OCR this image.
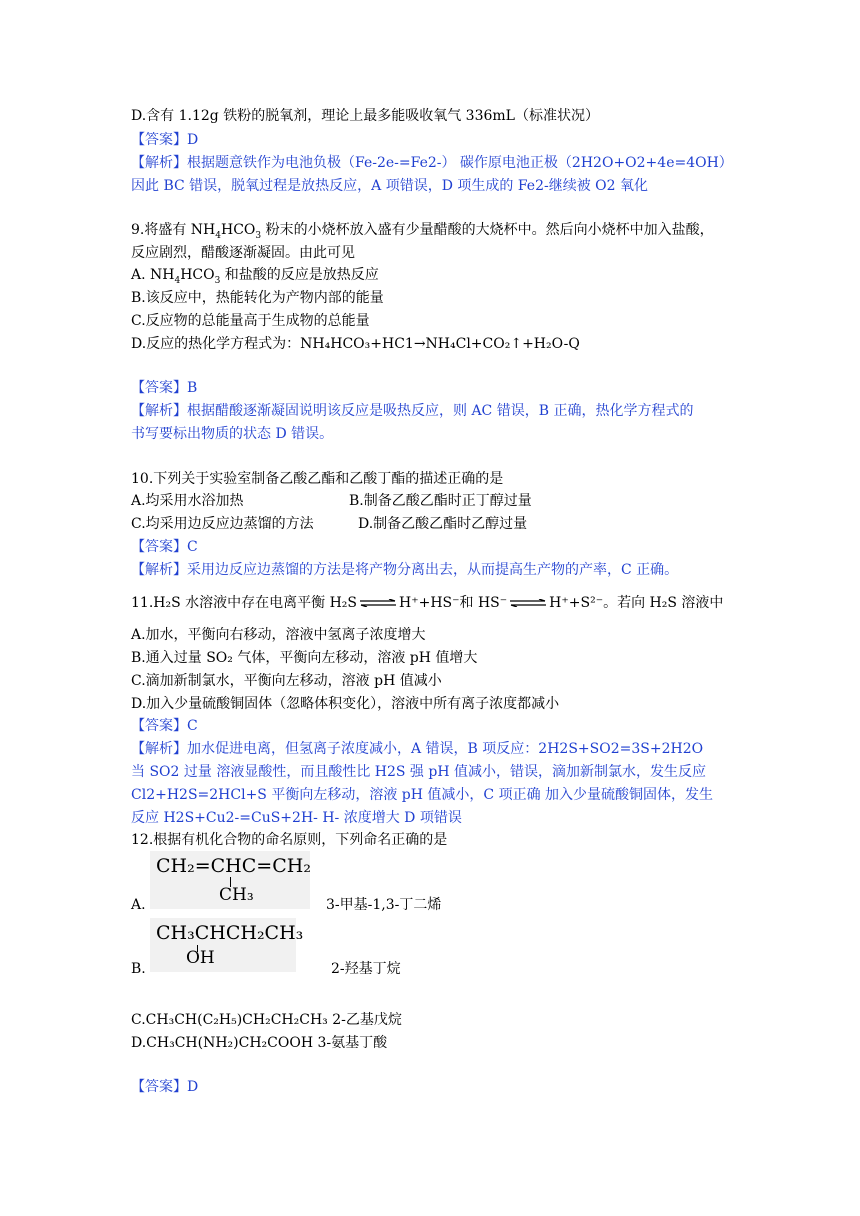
D.含有 1.12g 铁粉的脱氧剂，理论上最多能吸收氧气 336mL（标准状况）
【答案】D
【解析】根据题意铁作为电池负极（Fe-2e-=Fe2-） 碳作原电池正极（2H2O+O2+4e=4OH）
因此 BC 错误，脱氧过程是放热反应，A 项错误，D 项生成的 Fe2-继续被 O2 氧化
9.将盛有 $NH_4HCO_3$ 粉末的小烧杯放入盛有少量醋酸的大烧杯中。然后向小烧杯中加入盐酸，
反应剧烈，醋酸逐渐凝固。由此可见
A. $NH_4HCO_3$ 和盐酸的反应是放热反应
B.该反应中，热能转化为产物内部的能量
C.反应物的总能量高于生成物的总能量
D.反应的热化学方程式为：NH₄HCO₃+HC1→NH₄Cl+CO₂↑+H₂O-Q
【答案】B
【解析】根据醋酸逐渐凝固说明该反应是吸热反应，则 AC 错误，B 正确，热化学方程式的
书写要标出物质的状态 D 错误。
10.下列关于实验室制备乙酸乙酯和乙酸丁酯的描述正确的是
A.均采用水浴加热	B.制备乙酸乙酯时正丁醇过量
C.均采用边反应边蒸馏的方法	D.制备乙酸乙酯时乙醇过量
【答案】C
【解析】采用边反应边蒸馏的方法是将产物分离出去，从而提高生产物的产率，C 正确。
11.H₂S 水溶液中存在电离平衡 H₂S ⇌ H⁺+HS⁻和 HS⁻ ⇌ H⁺+S²⁻。若向 H₂S 溶液中
A.加水，平衡向右移动，溶液中氢离子浓度增大
B.通入过量 SO₂ 气体，平衡向左移动，溶液 pH 值增大
C.滴加新制氯水，平衡向左移动，溶液 pH 值减小
D.加入少量硫酸铜固体（忽略体积变化），溶液中所有离子浓度都减小
【答案】C
【解析】加水促进电离，但氢离子浓度减小，A 错误，B 项反应：2H2S+SO2=3S+2H2O
当 SO2 过量 溶液显酸性，而且酸性比 H2S 强 pH 值减小，错误，滴加新制氯水，发生反应
Cl2+H2S=2HCl+S 平衡向左移动，溶液 pH 值减小，C 项正确 加入少量硫酸铜固体，发生
反应 H2S+Cu2-=CuS+2H- H- 浓度增大 D 项错误
12.根据有机化合物的命名原则，下列命名正确的是
CH₂=CHC=CH₂
CH₃
A.	3-甲基-1,3-丁二烯
CH₃CHCH₂CH₃
OH
B.	2-羟基丁烷
C.CH₃CH(C₂H₅)CH₂CH₂CH₃ 2-乙基戊烷
D.CH₃CH(NH₂)CH₂COOH 3-氨基丁酸
【答案】D
